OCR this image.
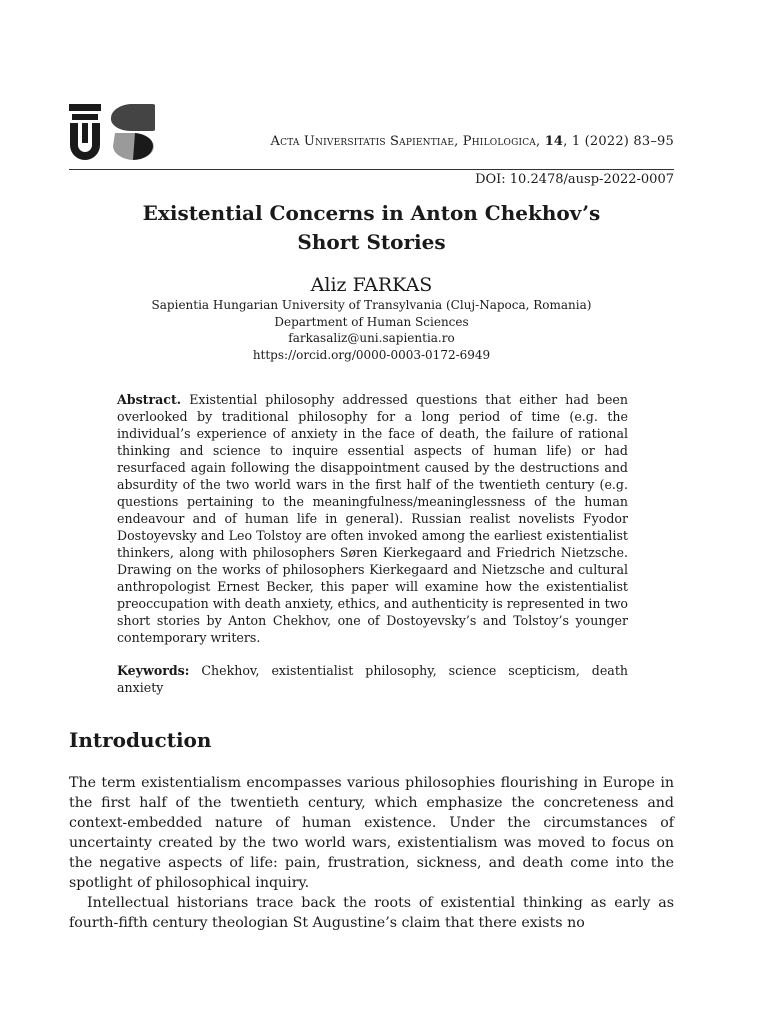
Acta Universitatis Sapientiae, Philologica, 14, 1 (2022) 83–95
DOI: 10.2478/ausp-2022-0007
Existential Concerns in Anton Chekhov’s
Short Stories
Aliz FARKAS
Sapientia Hungarian University of Transylvania (Cluj-Napoca, Romania)
Department of Human Sciences
farkasaliz@uni.sapientia.ro
https://orcid.org/0000-0003-0172-6949
Abstract. Existential philosophy addressed questions that either had been overlooked by traditional philosophy for a long period of time (e.g. the individual’s experience of anxiety in the face of death, the failure of rational thinking and science to inquire essential aspects of human life) or had resurfaced again following the disappointment caused by the destructions and absurdity of the two world wars in the first half of the twentieth century (e.g. questions pertaining to the meaningfulness/meaninglessness of the human endeavour and of human life in general). Russian realist novelists Fyodor Dostoyevsky and Leo Tolstoy are often invoked among the earliest existentialist thinkers, along with philosophers Søren Kierkegaard and Friedrich Nietzsche. Drawing on the works of philosophers Kierkegaard and Nietzsche and cultural anthropologist Ernest Becker, this paper will examine how the existentialist preoccupation with death anxiety, ethics, and authenticity is represented in two short stories by Anton Chekhov, one of Dostoyevsky’s and Tolstoy’s younger contemporary writers.
Keywords: Chekhov, existentialist philosophy, science scepticism, death anxiety
Introduction

The term existentialism encompasses various philosophies flourishing in Europe in the first half of the twentieth century, which emphasize the concreteness and context-embedded nature of human existence. Under the circumstances of uncertainty created by the two world wars, existentialism was moved to focus on the negative aspects of life: pain, frustration, sickness, and death come into the spotlight of philosophical inquiry.

Intellectual historians trace back the roots of existential thinking as early as fourth-fifth century theologian St Augustine’s claim that there exists no
